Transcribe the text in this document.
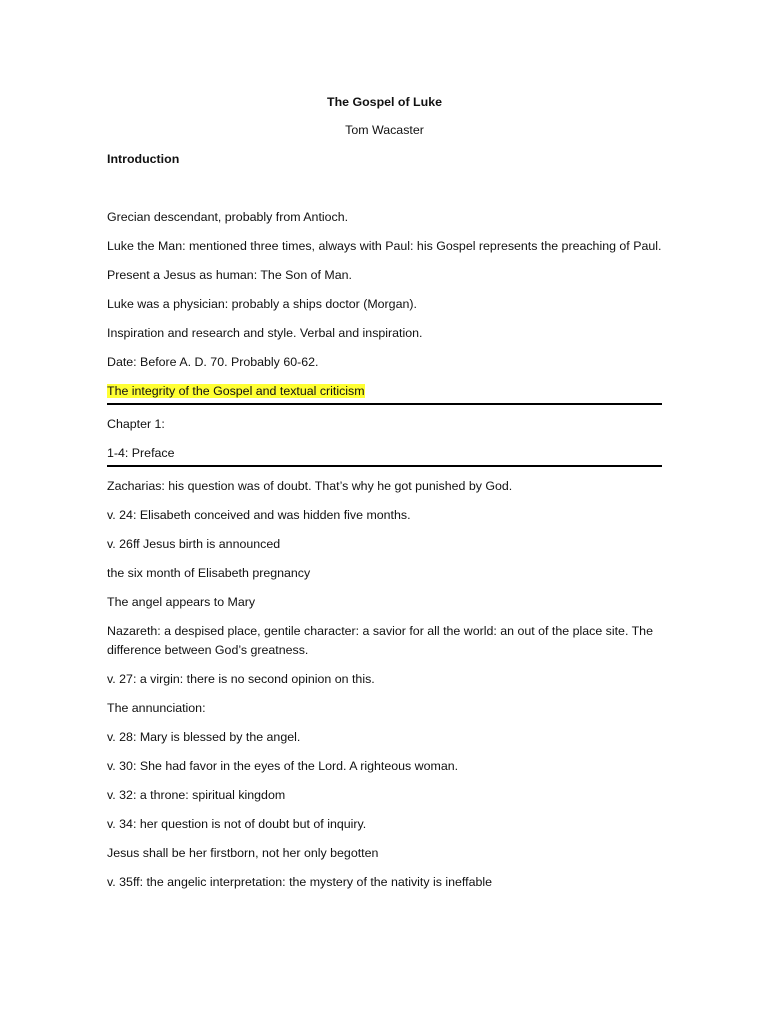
The Gospel of Luke
Tom Wacaster
Introduction
Grecian descendant, probably from Antioch.
Luke the Man: mentioned three times, always with Paul: his Gospel represents the preaching of Paul.
Present a Jesus as human: The Son of Man.
Luke was a physician: probably a ships doctor (Morgan).
Inspiration and research and style. Verbal and inspiration.
Date: Before A. D. 70. Probably 60-62.
The integrity of the Gospel and textual criticism
Chapter 1:
1-4: Preface
Zacharias: his question was of doubt. That’s why he got punished by God.
v. 24: Elisabeth conceived and was hidden five months.
v. 26ff Jesus birth is announced
the six month of Elisabeth pregnancy
The angel appears to Mary
Nazareth: a despised place, gentile character: a savior for all the world: an out of the place site. The difference between God’s greatness.
v. 27: a virgin: there is no second opinion on this.
The annunciation:
v. 28: Mary is blessed by the angel.
v. 30: She had favor in the eyes of the Lord. A righteous woman.
v. 32: a throne: spiritual kingdom
v. 34: her question is not of doubt but of inquiry.
Jesus shall be her firstborn, not her only begotten
v. 35ff: the angelic interpretation: the mystery of the nativity is ineffable
